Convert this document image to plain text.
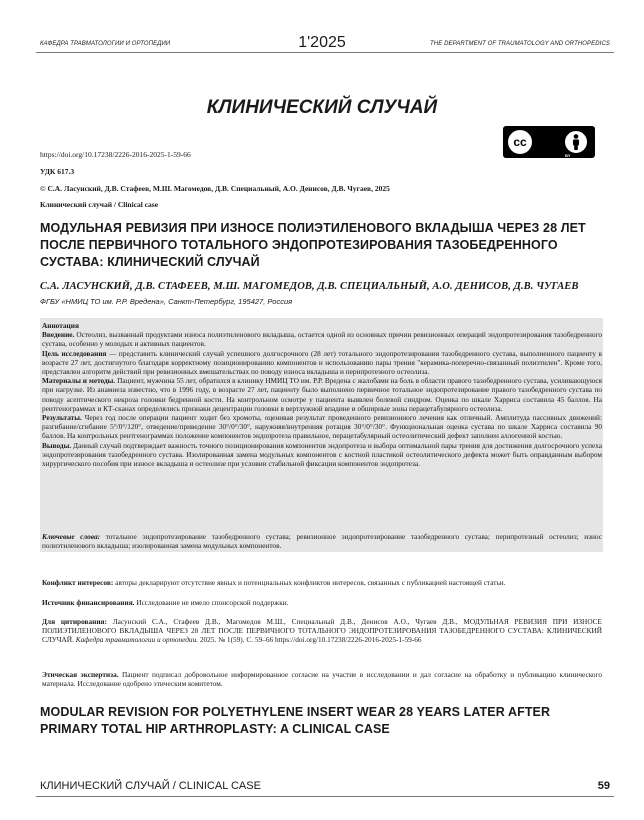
КАФЕДРА ТРАВМАТОЛОГИИ И ОРТОПЕДИИ	1'2025	THE DEPARTMENT OF TRAUMATOLOGY AND ORTHOPEDICS
КЛИНИЧЕСКИЙ СЛУЧАЙ
cc
BY
https://doi.org/10.17238/2226-2016-2025-1-59-66
УДК 617.3
© С.А. Ласунский, Д.В. Стафеев, М.Ш. Магомедов, Д.В. Специальный, А.О. Денисов, Д.В. Чугаев, 2025
Клинический случай / Clinical case
МОДУЛЬНАЯ РЕВИЗИЯ ПРИ ИЗНОСЕ ПОЛИЭТИЛЕНОВОГО ВКЛАДЫША ЧЕРЕЗ 28 ЛЕТ ПОСЛЕ ПЕРВИЧНОГО ТОТАЛЬНОГО ЭНДОПРОТЕЗИРОВАНИЯ ТАЗОБЕДРЕННОГО СУСТАВА: КЛИНИЧЕСКИЙ СЛУЧАЙ
С.А. ЛАСУНСКИЙ, Д.В. СТАФЕЕВ, М.Ш. МАГОМЕДОВ, Д.В. СПЕЦИАЛЬНЫЙ, А.О. ДЕНИСОВ, Д.В. ЧУГАЕВ
ФГБУ «НМИЦ ТО им. Р.Р. Вредена», Санкт-Петербург, 195427, Россия

Аннотация

Введение. Остеолиз, вызванный продуктами износа полиэтиленового вкладыша, остается одной из основных причин ревизионных операций эндопротезирования тазобедренного сустава, особенно у молодых и активных пациентов.

Цель исследования — представить клинический случай успешного долгосрочного (28 лет) тотального эндопротезирования тазобедренного сустава, выполненного пациенту в возрасте 27 лет, достигнутого благодаря корректному позиционированию компонентов и использованию пары трения "керамика-поперечно-связанный полиэтилен". Кроме того, представлен алгоритм действий при ревизионных вмешательствах по поводу износа вкладыша и перипротезного остеолиза.

Материалы и методы. Пациент, мужчина 55 лет, обратился в клинику НМИЦ ТО им. Р.Р. Вредена с жалобами на боль в области правого тазобедренного сустава, усиливающуюся при нагрузке. Из анамнеза известно, что в 1996 году, в возрасте 27 лет, пациенту было выполнено первичное тотальное эндопротезирование правого тазобедренного сустава по поводу асептического некроза головки бедренной кости. На контрольном осмотре у пациента выявлен болевой синдром. Оценка по шкале Харриса составила 45 баллов. На рентгенограммах и КТ-сканах определялись признаки децентрации головки в вертлужной впадине и обширные зоны перацетабулярного остеолиза.

Результаты. Через год после операции пациент ходит без хромоты, оценивая результат проведенного ревизионного лечения как отличный. Амплитуда пассивных движений: разгибание/сгибание 5°/0°/120°, отведение/приведение 30°/0°/30°, наружняя/внутренняя ротация 30°/0°/30°. Функциональная оценка сустава по шкале Харриса составила 90 баллов. На контрольных рентгенограммах положение компонентов эндопротеза правильное, перацетабулярный остеолитический дефект заполнен аллогенной костью.

Выводы. Данный случай подтверждает важность точного позиционирования компонентов эндопротеза и выбора оптимальной пары трения для достижения долгосрочного успеха эндопротезирования тазобедренного сустава. Изолированная замена модульных компонентов с костной пластикой остеолитического дефекта может быть оправданным выбором хирургического пособия при износе вкладыша и остеолизе при условии стабильной фиксации компонентов эндопротеза.

Ключевые слова: тотальное эндопротезирование тазобедренного сустава; ревизионное эндопротезирование тазобедренного сустава; перипротезный остеолиз; износ полиэтиленового вкладыша; изолированная замена модульных компонентов.
Конфликт интересов: авторы декларируют отсутствие явных и потенциальных конфликтов интересов, связанных с публикацией настоящей статьи.
Источник финансирования. Исследование не имело спонсорской поддержки.
Для цитирования: Ласунский С.А., Стафеев Д.В., Магомедов М.Ш., Специальный Д.В., Денисов А.О., Чугаев Д.В., МОДУЛЬНАЯ РЕВИЗИЯ ПРИ ИЗНОСЕ ПОЛИЭТИЛЕНОВОГО ВКЛАДЫША ЧЕРЕЗ 28 ЛЕТ ПОСЛЕ ПЕРВИЧНОГО ТОТАЛЬНОГО ЭНДОПРОТЕЗИРОВАНИЯ ТАЗОБЕДРЕННОГО СУСТАВА: КЛИНИЧЕСКИЙ СЛУЧАЙ. Кафедра травматологии и ортопедии. 2025. № 1(59). С. 59–66 https://doi.org/10.17238/2226-2016-2025-1-59-66
Этическая экспертиза. Пациент подписал добровольное информированное согласие на участие в исследовании и дал согласие на обработку и публикацию клинического материала. Исследование одобрено этическим комитетом.
MODULAR REVISION FOR POLYETHYLENE INSERT WEAR 28 YEARS LATER AFTER PRIMARY TOTAL HIP ARTHROPLASTY: A CLINICAL CASE
КЛИНИЧЕСКИЙ СЛУЧАЙ / CLINICAL CASE	59
